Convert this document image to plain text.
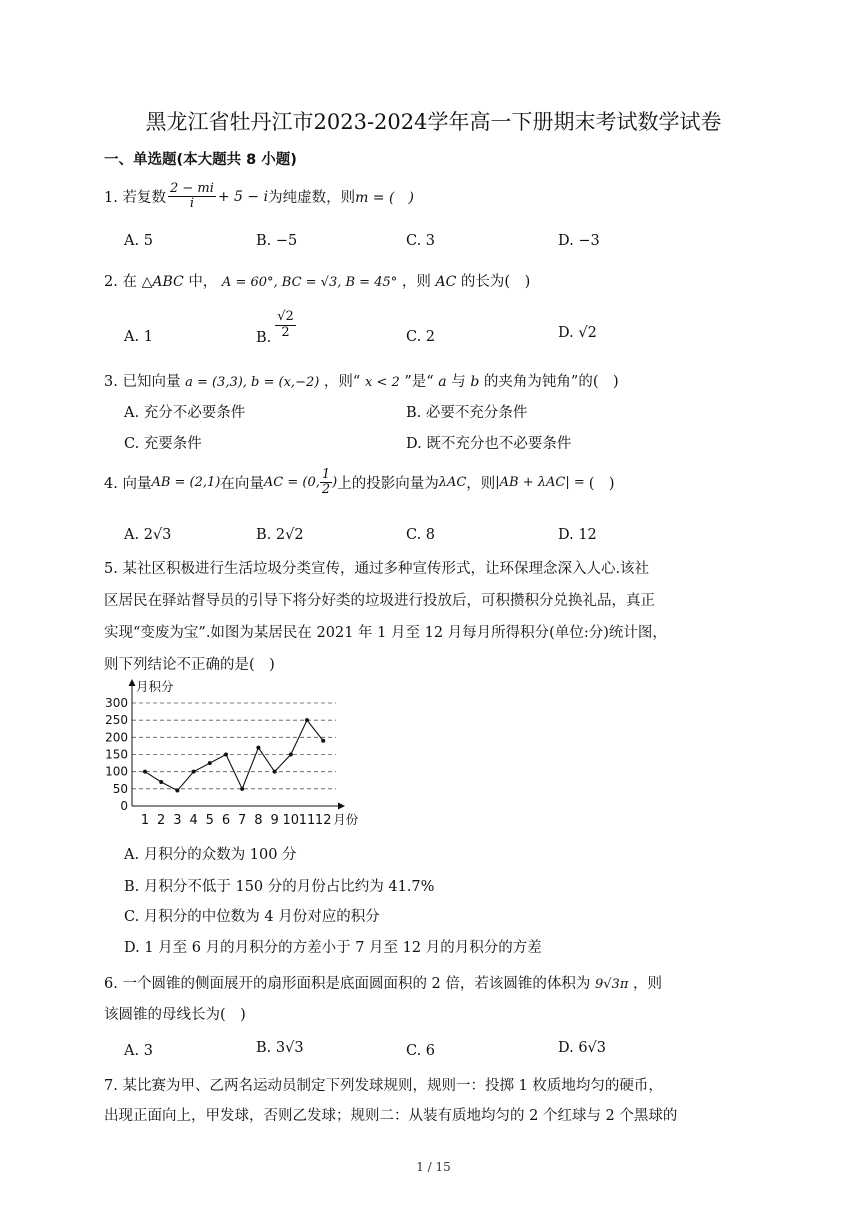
黑龙江省牡丹江市2023-2024学年高一下册期末考试数学试卷
一、单选题(本大题共 8 小题)
1. 若复数 $\frac{2 - mi}{i} + 5 - i$ 为纯虚数，则 m = (　)
A. 5	B. −5	C. 3	D. −3
2. 在 △ABC 中， A = 60°, BC = √3, B = 45° ，则 AC 的长为(　)
A. 1	B. $\frac{√2}{2}$	C. 2	D. √2
3. 已知向量 a = (3,3), b = (x,−2) ，则“ x < 2 ”是“ a 与 b 的夹角为钝角”的(　)
A. 充分不必要条件	B. 必要不充分条件
C. 充要条件	D. 既不充分也不必要条件
4. 向量 AB = (2,1) 在向量 AC = (0, $\frac{1}{2}$ ) 上的投影向量为 λAC ，则 |AB + λAC| = (　)
A. 2√3	B. 2√2	C. 8	D. 12
5. 某社区积极进行生活垃圾分类宣传，通过多种宣传形式，让环保理念深入人心.该社
区居民在驿站督导员的引导下将分好类的垃圾进行投放后，可积攒积分兑换礼品，真正
实现“变废为宝”.如图为某居民在 2021 年 1 月至 12 月每月所得积分(单位:分)统计图，
则下列结论不正确的是(　)
0
50
100
150
200
250
300
月积分
1 2 3 4 5 6 7 8 9 10 11 12 月份
A. 月积分的众数为 100 分
B. 月积分不低于 150 分的月份占比约为 41.7%
C. 月积分的中位数为 4 月份对应的积分
D. 1 月至 6 月的月积分的方差小于 7 月至 12 月的月积分的方差
6. 一个圆锥的侧面展开的扇形面积是底面圆面积的 2 倍，若该圆锥的体积为 9√3π ，则
该圆锥的母线长为(　)
A. 3	B. 3√3	C. 6	D. 6√3
7. 某比赛为甲、乙两名运动员制定下列发球规则，规则一：投掷 1 枚质地均匀的硬币，
出现正面向上，甲发球，否则乙发球；规则二：从装有质地均匀的 2 个红球与 2 个黑球的
1 / 15
